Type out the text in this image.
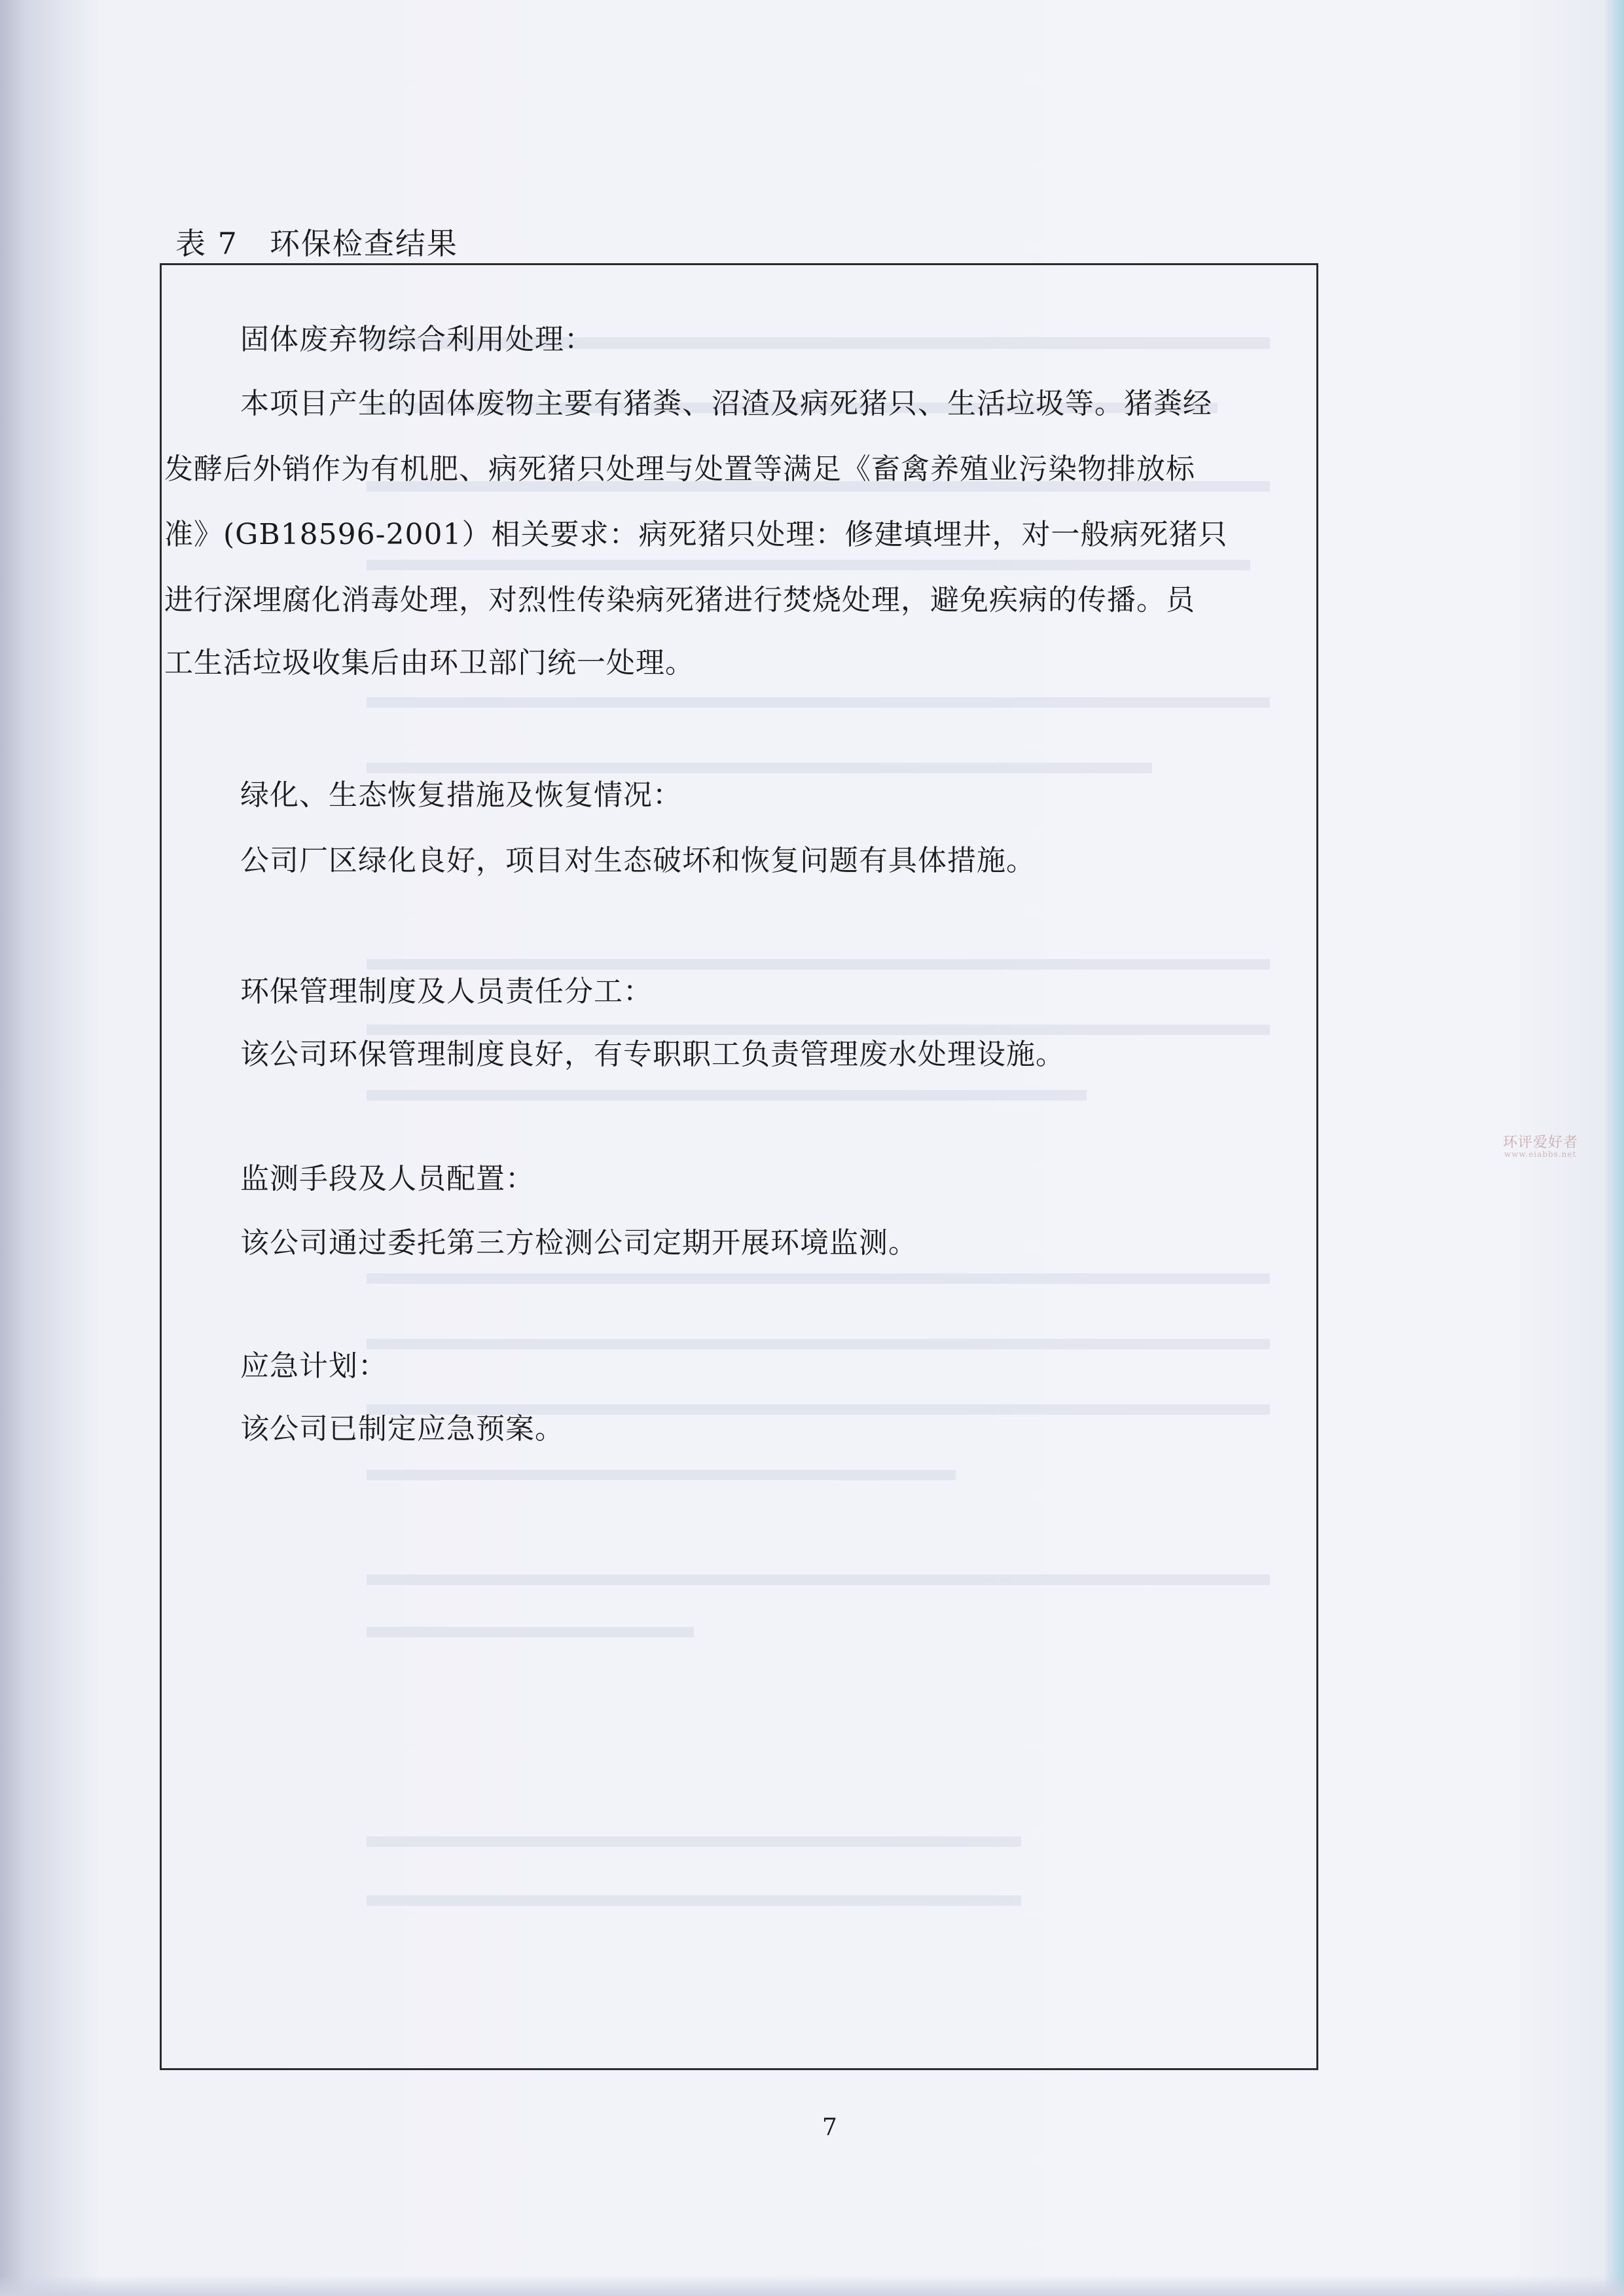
表 7　环保检查结果
固体废弃物综合利用处理：
本项目产生的固体废物主要有猪粪、沼渣及病死猪只、生活垃圾等。猪粪经
发酵后外销作为有机肥、病死猪只处理与处置等满足《畜禽养殖业污染物排放标
准》(GB18596-2001）相关要求：病死猪只处理：修建填埋井，对一般病死猪只
进行深埋腐化消毒处理，对烈性传染病死猪进行焚烧处理，避免疾病的传播。员
工生活垃圾收集后由环卫部门统一处理。
绿化、生态恢复措施及恢复情况：
公司厂区绿化良好，项目对生态破坏和恢复问题有具体措施。
环保管理制度及人员责任分工：
该公司环保管理制度良好，有专职职工负责管理废水处理设施。
监测手段及人员配置：
该公司通过委托第三方检测公司定期开展环境监测。
应急计划：
该公司已制定应急预案。
7
环评爱好者
www.eiabbs.net
